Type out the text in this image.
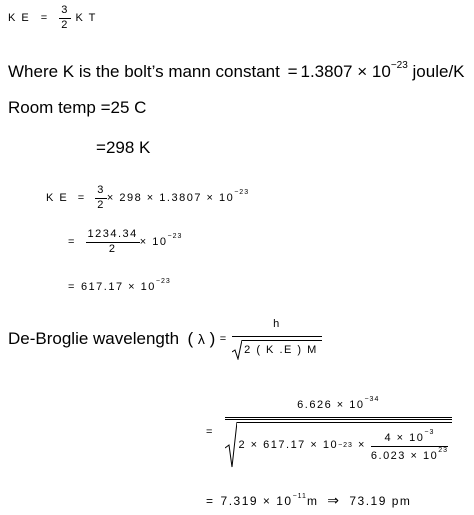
K $E = \frac{3}{2}$ K T
Where K is the bolt’s mann constant = $1.3807 \times 10^{-23}$ joule/K
Room temp =25 C
=298 K
K $E = \frac{3}{2} \times 298 \times 1.3807 \times 10^{-23}$
= $\frac{1234.34}{2} \times 10^{-23}$
= $617.17 \times 10^{-23}$
De-Broglie wavelength ( λ ) = $\frac{h}{2 ( K .E ) M}$
=
$6.626 \times 10^{-34}$
$2 \times 617.17 \times 10 -23 \times \frac{4 \times 10^{-3}}{6.023 \times 10^{23}}$
= $7.319 \times 10^{-11}m$ ⇒ 73.19 pm
